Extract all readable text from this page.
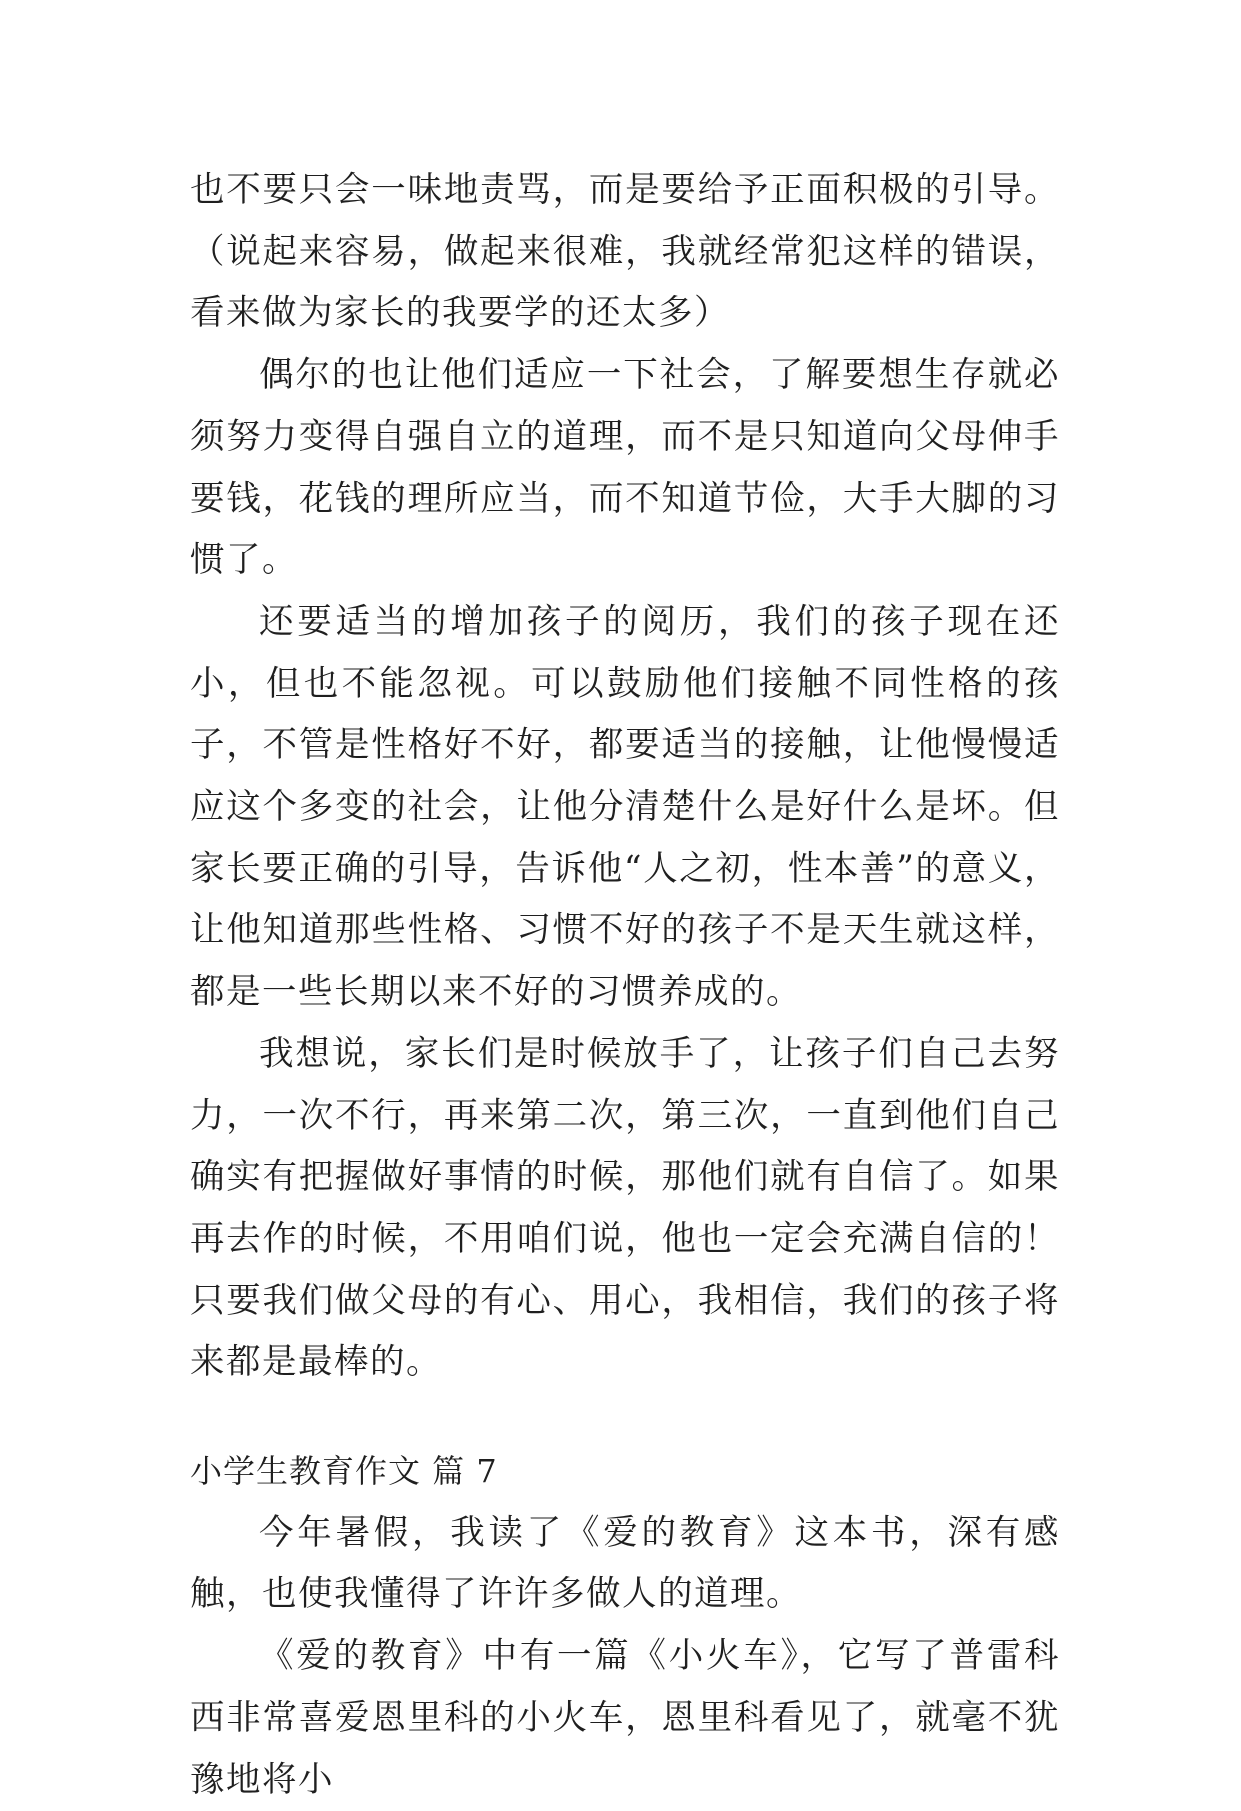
也不要只会一味地责骂，而是要给予正面积极的引导。（说起来容易，做起来很难，我就经常犯这样的错误，看来做为家长的我要学的还太多）

偶尔的也让他们适应一下社会，了解要想生存就必须努力变得自强自立的道理，而不是只知道向父母伸手要钱，花钱的理所应当，而不知道节俭，大手大脚的习惯了。

还要适当的增加孩子的阅历，我们的孩子现在还小，但也不能忽视。可以鼓励他们接触不同性格的孩子，不管是性格好不好，都要适当的接触，让他慢慢适应这个多变的社会，让他分清楚什么是好什么是坏。但家长要正确的引导，告诉他“人之初，性本善”的意义，让他知道那些性格、习惯不好的孩子不是天生就这样，都是一些长期以来不好的习惯养成的。

我想说，家长们是时候放手了，让孩子们自己去努力，一次不行，再来第二次，第三次，一直到他们自己确实有把握做好事情的时候，那他们就有自信了。如果再去作的时候，不用咱们说，他也一定会充满自信的！只要我们做父母的有心、用心，我相信，我们的孩子将来都是最棒的。

小学生教育作文 篇 7

今年暑假，我读了《爱的教育》这本书，深有感触，也使我懂得了许许多做人的道理。

《爱的教育》中有一篇《小火车》，它写了普雷科西非常喜爱恩里科的小火车，恩里科看见了，就毫不犹豫地将小
